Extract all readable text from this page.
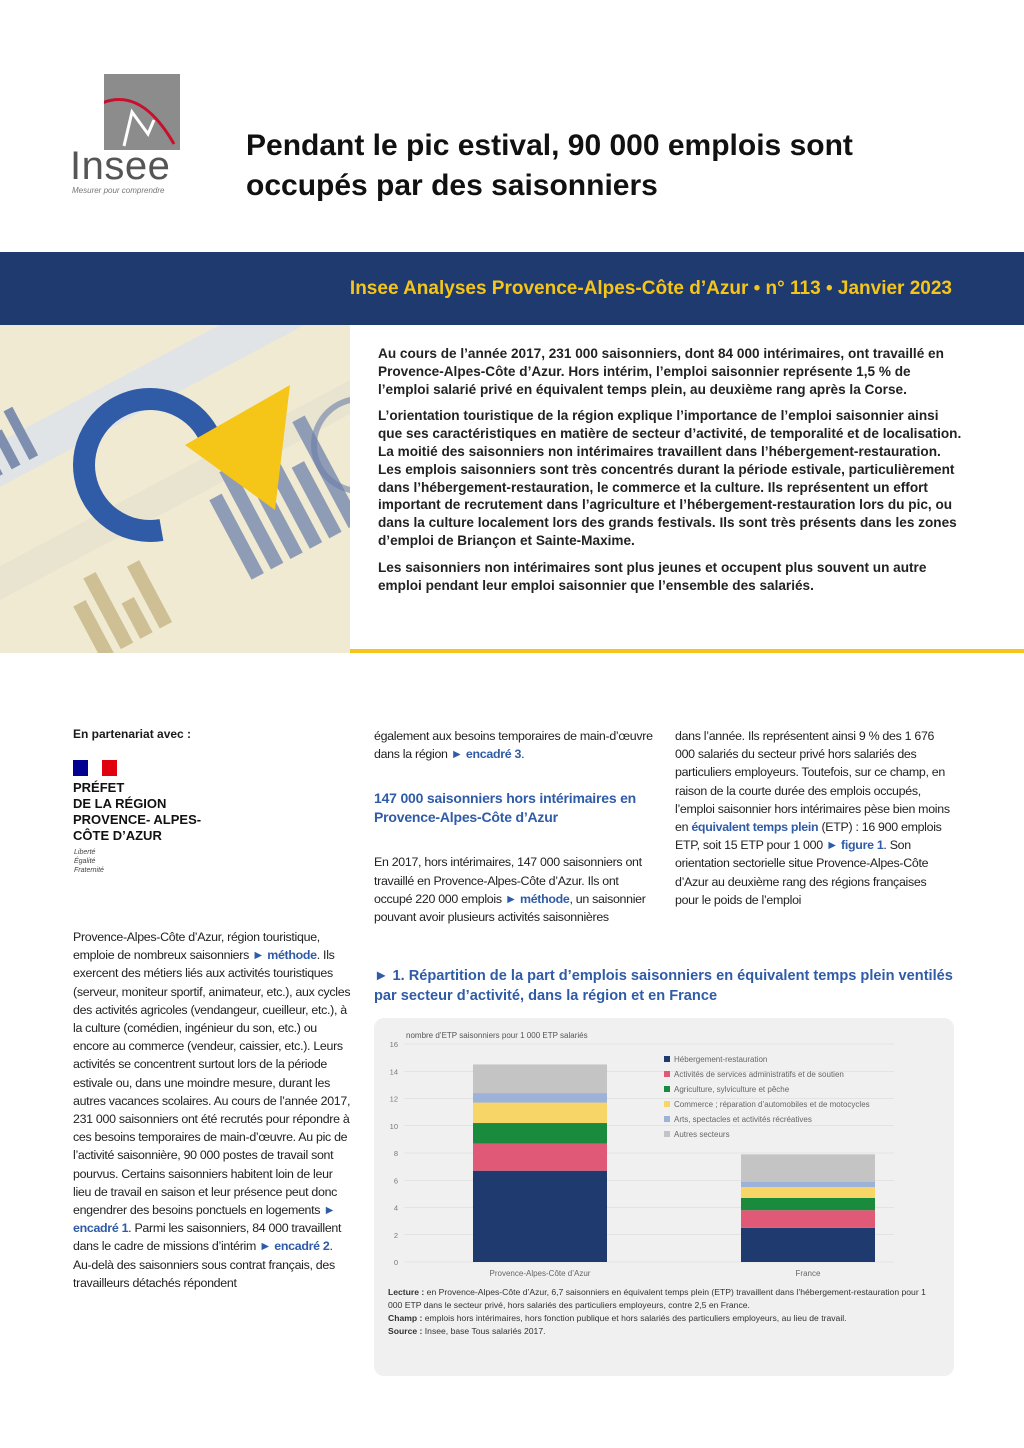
Insee
Mesurer pour comprendre
Pendant le pic estival, 90 000 emplois sont occupés par des saisonniers
Insee Analyses Provence-Alpes-Côte d’Azur • n° 113 • Janvier 2023

Au cours de l’année 2017, 231 000 saisonniers, dont 84 000 intérimaires, ont travaillé en Provence-Alpes-Côte d’Azur. Hors intérim, l’emploi saisonnier représente 1,5 % de l’emploi salarié privé en équivalent temps plein, au deuxième rang après la Corse.

L’orientation touristique de la région explique l’importance de l’emploi saisonnier ainsi que ses caractéristiques en matière de secteur d’activité, de temporalité et de localisation. La moitié des saisonniers non intérimaires travaillent dans l’hébergement-restauration. Les emplois saisonniers sont très concentrés durant la période estivale, particulièrement dans l’hébergement-restauration, le commerce et la culture. Ils représentent un effort important de recrutement dans l’agriculture et l’hébergement-restauration lors du pic, ou dans la culture localement lors des grands festivals. Ils sont très présents dans les zones d’emploi de Briançon et Sainte-Maxime.

Les saisonniers non intérimaires sont plus jeunes et occupent plus souvent un autre emploi pendant leur emploi saisonnier que l’ensemble des salariés.

En partenariat avec :
PRÉFET
DE LA RÉGION
PROVENCE- ALPES-
CÔTE D’AZUR
Liberté
Égalité
Fraternité
Provence-Alpes-Côte d’Azur, région touristique, emploie de nombreux saisonniers ► méthode. Ils exercent des métiers liés aux activités touristiques (serveur, moniteur sportif, animateur, etc.), aux cycles des activités agricoles (vendangeur, cueilleur, etc.), à la culture (comédien, ingénieur du son, etc.) ou encore au commerce (vendeur, caissier, etc.). Leurs activités se concentrent surtout lors de la période estivale ou, dans une moindre mesure, durant les autres vacances scolaires. Au cours de l’année 2017, 231 000 saisonniers ont été recrutés pour répondre à ces besoins temporaires de main-d’œuvre. Au pic de l’activité saisonnière, 90 000 postes de travail sont pourvus. Certains saisonniers habitent loin de leur lieu de travail en saison et leur présence peut donc engendrer des besoins ponctuels en logements ► encadré 1. Parmi les saisonniers, 84 000 travaillent dans le cadre de missions d’intérim ► encadré 2. Au-delà des saisonniers sous contrat français, des travailleurs détachés répondent
également aux besoins temporaires de main-d’œuvre dans la région ► encadré 3.
147 000 saisonniers hors intérimaires en Provence-Alpes-Côte d’Azur
En 2017, hors intérimaires, 147 000 saisonniers ont travaillé en Provence-Alpes-Côte d’Azur. Ils ont occupé 220 000 emplois ► méthode, un saisonnier pouvant avoir plusieurs activités saisonnières
dans l’année. Ils représentent ainsi 9 % des 1 676 000 salariés du secteur privé hors salariés des particuliers employeurs. Toutefois, sur ce champ, en raison de la courte durée des emplois occupés, l’emploi saisonnier hors intérimaires pèse bien moins en équivalent temps plein (ETP) : 16 900 emplois ETP, soit 15 ETP pour 1 000 ► figure 1. Son orientation sectorielle situe Provence-Alpes-Côte d’Azur au deuxième rang des régions françaises pour le poids de l’emploi
► 1. Répartition de la part d’emplois saisonniers en équivalent temps plein ventilés par secteur d’activité, dans la région et en France
nombre d’ETP saisonniers pour 1 000 ETP salariés
0
2
4
6
8
10
12
14
16
Provence-Alpes-Côte d’Azur	France
Hébergement-restauration
Activités de services administratifs et de soutien
Agriculture, sylviculture et pêche
Commerce ; réparation d’automobiles et de motocycles
Arts, spectacles et activités récréatives
Autres secteurs
Lecture : en Provence-Alpes-Côte d’Azur, 6,7 saisonniers en équivalent temps plein (ETP) travaillent dans l’hébergement-restauration pour 1 000 ETP dans le secteur privé, hors salariés des particuliers employeurs, contre 2,5 en France.
Champ : emplois hors intérimaires, hors fonction publique et hors salariés des particuliers employeurs, au lieu de travail.
Source : Insee, base Tous salariés 2017.
